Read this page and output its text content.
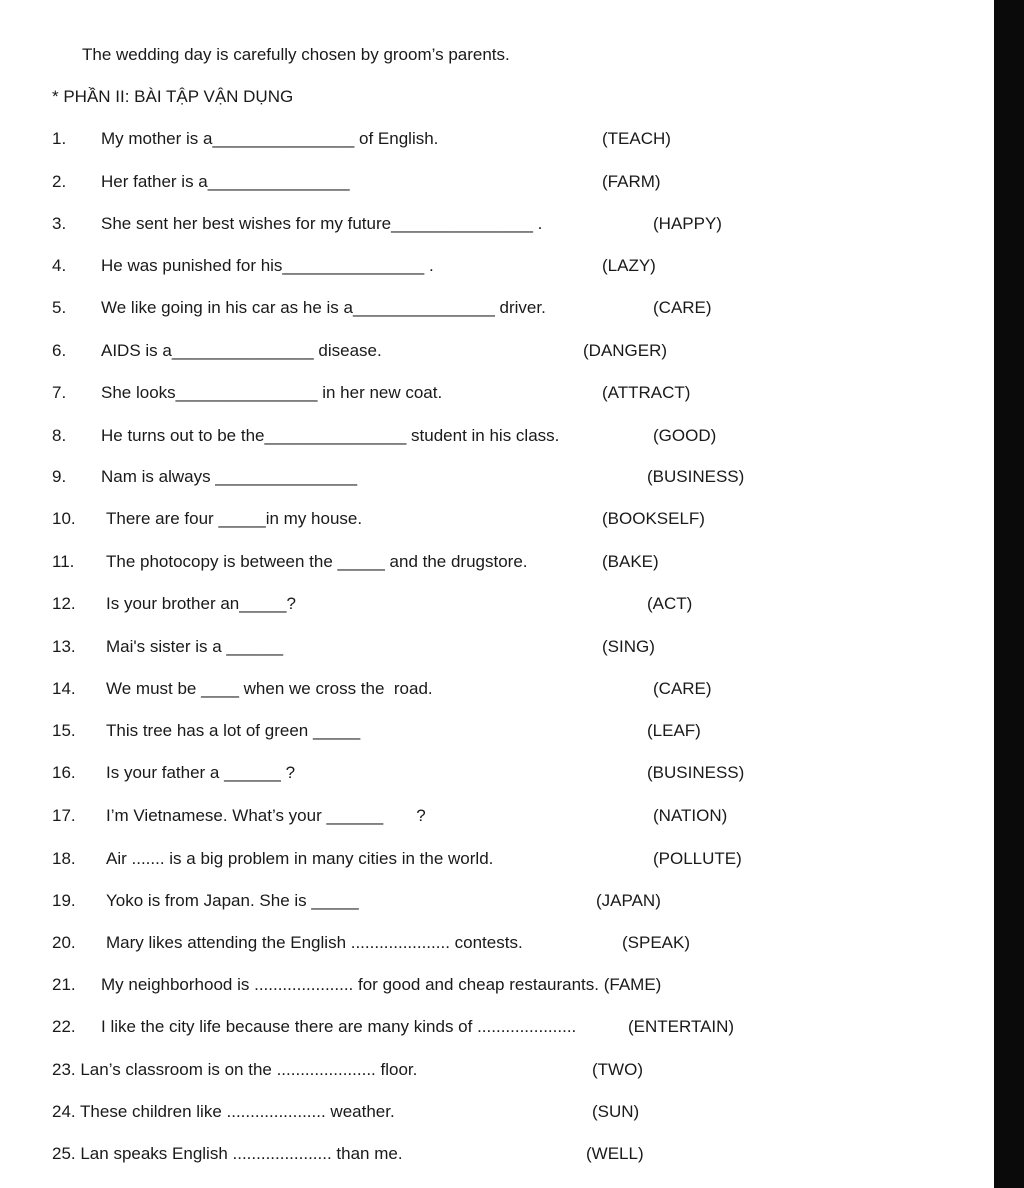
The wedding day is carefully chosen by groom’s parents.
* PHẦN II: BÀI TẬP VẬN DỤNG
1. My mother is a_______________ of English.	(TEACH)
2. Her father is a_______________	(FARM)
3. She sent her best wishes for my future_______________ .	(HAPPY)
4. He was punished for his_______________ .	(LAZY)
5. We like going in his car as he is a_______________ driver.	(CARE)
6. AIDS is a_______________ disease.	(DANGER)
7. She looks_______________ in her new coat.	(ATTRACT)
8. He turns out to be the_______________ student in his class.	(GOOD)
9. Nam is always _______________	(BUSINESS)
10. There are four _____in my house.	(BOOKSELF)
11. The photocopy is between the _____ and the drugstore.	(BAKE)
12. Is your brother an_____?	(ACT)
13. Mai's sister is a ______	(SING)
14. We must be ____ when we cross the  road.	(CARE)
15. This tree has a lot of green _____	(LEAF)
16. Is your father a ______ ?	(BUSINESS)
17. I’m Vietnamese. What’s your ______       ?	(NATION)
18. Air ....... is a big problem in many cities in the world.	(POLLUTE)
19. Yoko is from Japan. She is _____	(JAPAN)
20. Mary likes attending the English ..................... contests.	(SPEAK)
21. My neighborhood is ..................... for good and cheap restaurants. (FAME)
22. I like the city life because there are many kinds of .....................	(ENTERTAIN)
23. Lan’s classroom is on the ..................... floor.	(TWO)
24. These children like ..................... weather.	(SUN)
25. Lan speaks English ..................... than me.	(WELL)
